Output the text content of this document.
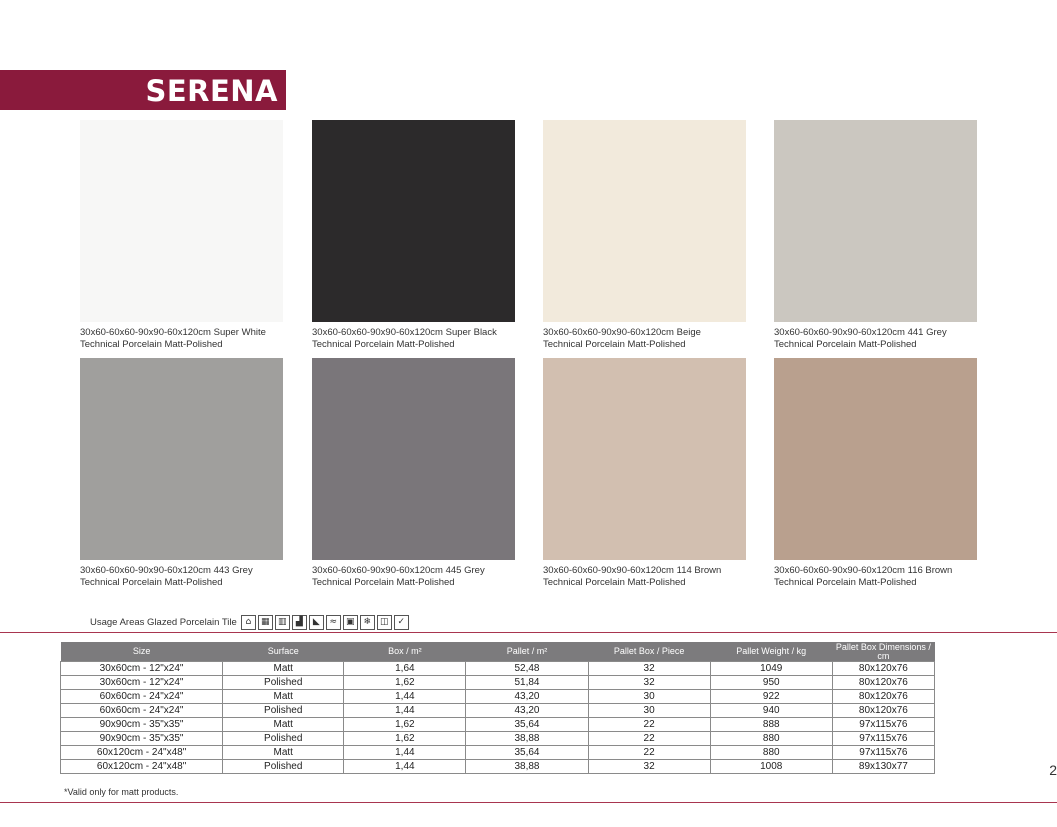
SERENA
30x60-60x60-90x90-60x120cm Super White
Technical Porcelain Matt-Polished
30x60-60x60-90x90-60x120cm Super Black
Technical Porcelain Matt-Polished
30x60-60x60-90x90-60x120cm Beige
Technical Porcelain Matt-Polished
30x60-60x60-90x90-60x120cm 441 Grey
Technical Porcelain Matt-Polished
30x60-60x60-90x90-60x120cm 443 Grey
Technical Porcelain Matt-Polished
30x60-60x60-90x90-60x120cm 445 Grey
Technical Porcelain Matt-Polished
30x60-60x60-90x90-60x120cm 114 Brown
Technical Porcelain Matt-Polished
30x60-60x60-90x90-60x120cm 116 Brown
Technical Porcelain Matt-Polished
Usage Areas Glazed Porcelain Tile ⌂	▦ ▥	▟	◣	≈ ▣ ❄ ◫ ✓
Size	Surface	Box / m²	Pallet / m²	Pallet Box / Piece	Pallet Weight / kg	Pallet Box Dimensions / cm
30x60cm - 12"x24"	Matt	1,64	52,48	32	1049	80x120x76
30x60cm - 12"x24"	Polished	1,62	51,84	32	950	80x120x76
60x60cm - 24"x24"	Matt	1,44	43,20	30	922	80x120x76
60x60cm - 24"x24"	Polished	1,44	43,20	30	940	80x120x76
90x90cm - 35"x35"	Matt	1,62	35,64	22	888	97x115x76
90x90cm - 35"x35"	Polished	1,62	38,88	22	880	97x115x76
60x120cm - 24"x48"	Matt	1,44	35,64	22	880	97x115x76
60x120cm - 24"x48"	Polished	1,44	38,88	32	1008	89x130x77
*Valid only for matt products.
2
